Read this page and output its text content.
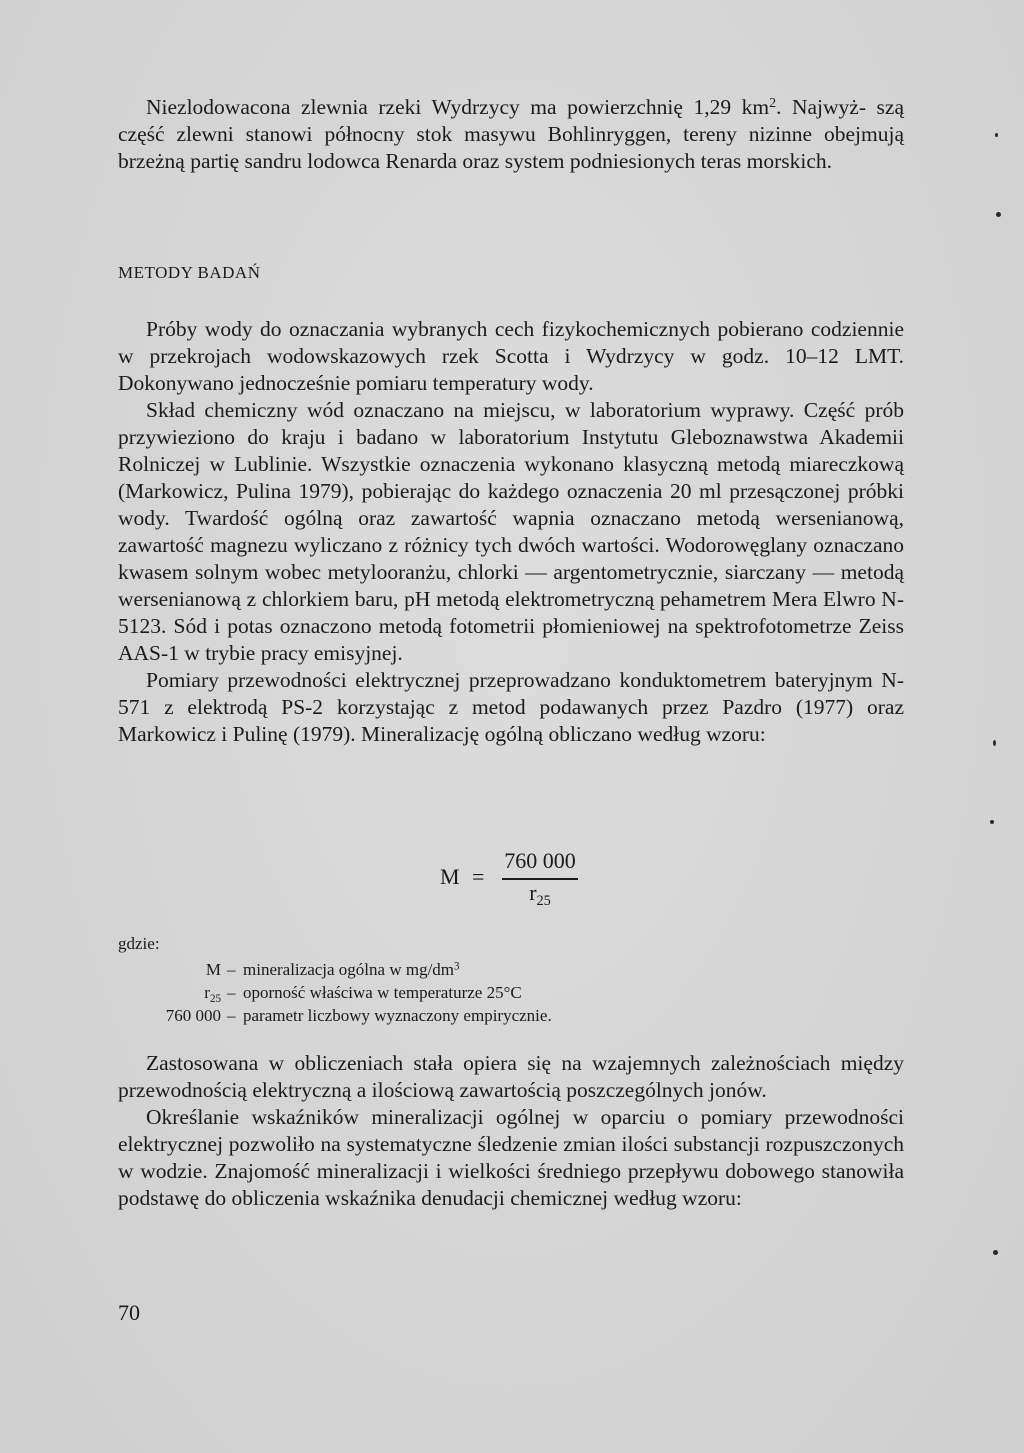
Niezlodowacona zlewnia rzeki Wydrzycy ma powierzchnię 1,29 $km^2$. Najwyż- szą część zlewni stanowi północny stok masywu Bohlinryggen, tereny nizinne obejmują brzeżną partię sandru lodowca Renarda oraz system podniesionych teras morskich.

METODY BADAŃ

Próby wody do oznaczania wybranych cech fizykochemicznych pobierano codziennie w przekrojach wodowskazowych rzek Scotta i Wydrzycy w godz. 10–12 LMT. Dokonywano jednocześnie pomiaru temperatury wody.

Skład chemiczny wód oznaczano na miejscu, w laboratorium wyprawy. Część prób przywieziono do kraju i badano w laboratorium Instytutu Gleboznawstwa Akademii Rolniczej w Lublinie. Wszystkie oznaczenia wykonano klasyczną metodą miareczkową (Markowicz, Pulina 1979), pobierając do każdego oznaczenia 20 ml przesączonej próbki wody. Twardość ogólną oraz zawartość wapnia oznaczano metodą wersenianową, zawartość magnezu wyliczano z różnicy tych dwóch wartości. Wodorowęglany oznaczano kwasem solnym wobec metylooranżu, chlorki — argentometrycznie, siarczany — metodą wersenianową z chlorkiem baru, pH metodą elektrometryczną pehametrem Mera Elwro N-5123. Sód i potas oznaczono metodą fotometrii płomieniowej na spektrofotometrze Zeiss AAS-1 w trybie pracy emisyjnej.

Pomiary przewodności elektrycznej przeprowadzano konduktometrem bateryjnym N-571 z elektrodą PS-2 korzystając z metod podawanych przez Pazdro (1977) oraz Markowicz i Pulinę (1979). Mineralizację ogólną obliczano według wzoru:

M =
760 000
$r_{25}$
gdzie:
M – mineralizacja ogólna w $mg/dm^3$
$r_{25}$ – oporność właściwa w temperaturze 25°C
760 000 – parametr liczbowy wyznaczony empirycznie.

Zastosowana w obliczeniach stała opiera się na wzajemnych zależnościach między przewodnością elektryczną a ilościową zawartością poszczególnych jonów.

Określanie wskaźników mineralizacji ogólnej w oparciu o pomiary przewodności elektrycznej pozwoliło na systematyczne śledzenie zmian ilości substancji rozpuszczonych w wodzie. Znajomość mineralizacji i wielkości średniego przepływu dobowego stanowiła podstawę do obliczenia wskaźnika denudacji chemicznej według wzoru:

70
